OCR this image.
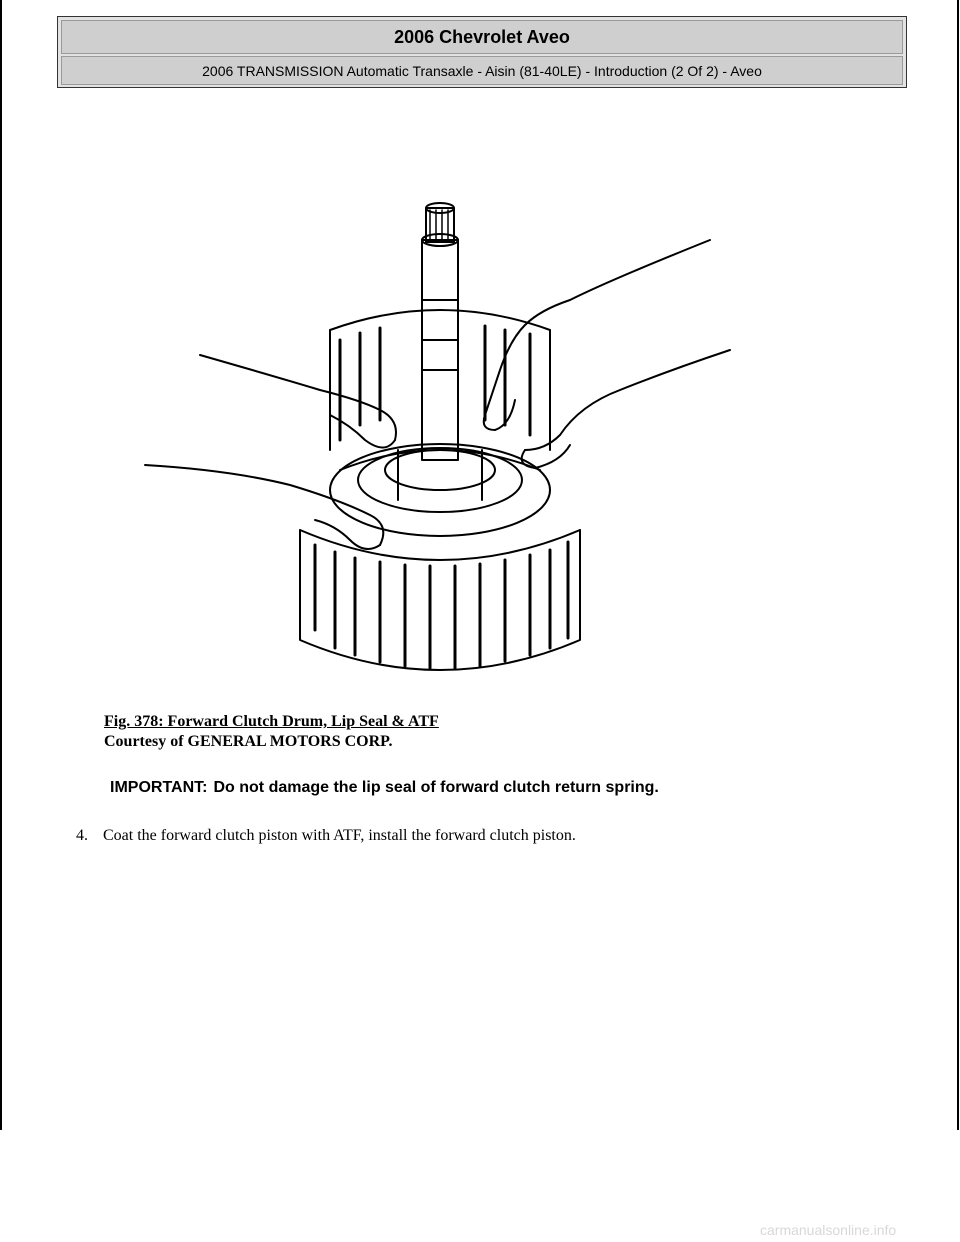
2006 Chevrolet Aveo
2006 TRANSMISSION Automatic Transaxle - Aisin (81-40LE) - Introduction (2 Of 2) - Aveo
Fig. 378: Forward Clutch Drum, Lip Seal & ATF
Courtesy of GENERAL MOTORS CORP.
IMPORTANT: Do not damage the lip seal of forward clutch return spring.
4. Coat the forward clutch piston with ATF, install the forward clutch piston.
carmanualsonline.info
